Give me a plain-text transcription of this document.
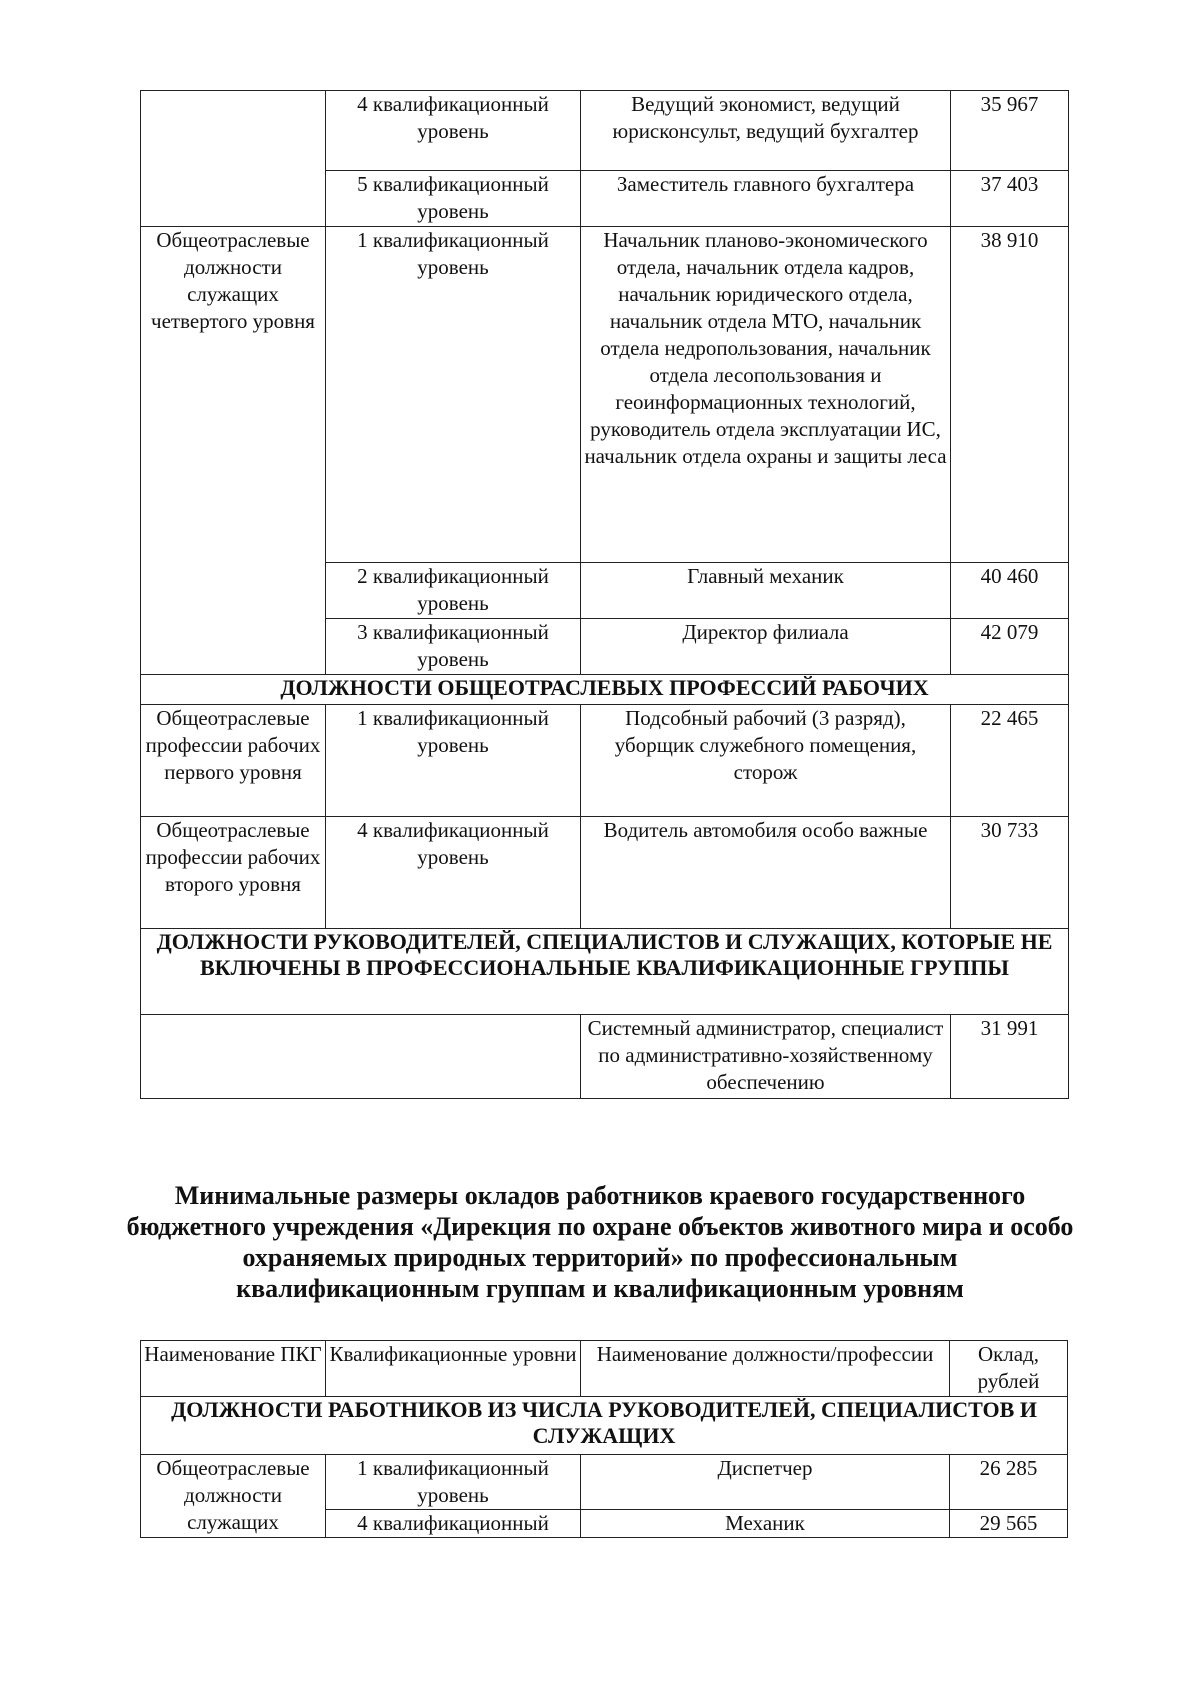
	4 квалификационный уровень	Ведущий экономист, ведущий юрисконсульт, ведущий бухгалтер	35 967
	5 квалификационный уровень	Заместитель главного бухгалтера	37 403
Общеотраслевые должности служащих четвертого уровня	1 квалификационный уровень	Начальник планово-экономического отдела, начальник отдела кадров, начальник юридического отдела, начальник отдела МТО, начальник отдела недропользования, начальник отдела лесопользования и геоинформационных технологий, руководитель отдела эксплуатации ИС, начальник отдела охраны и защиты леса	38 910
	2 квалификационный уровень	Главный механик	40 460
	3 квалификационный уровень	Директор филиала	42 079
ДОЛЖНОСТИ ОБЩЕОТРАСЛЕВЫХ ПРОФЕССИЙ РАБОЧИХ			
Общеотраслевые профессии рабочих первого уровня	1 квалификационный уровень	Подсобный рабочий (3 разряд), уборщик служебного помещения, сторож	22 465
Общеотраслевые профессии рабочих второго уровня	4 квалификационный уровень	Водитель автомобиля особо важные	30 733
ДОЛЖНОСТИ РУКОВОДИТЕЛЕЙ, СПЕЦИАЛИСТОВ И СЛУЖАЩИХ, КОТОРЫЕ НЕ ВКЛЮЧЕНЫ В ПРОФЕССИОНАЛЬНЫЕ КВАЛИФИКАЦИОННЫЕ ГРУППЫ			
		Системный администратор, специалист по административно-хозяйственному обеспечению	31 991
Минимальные размеры окладов работников краевого государственного бюджетного учреждения «Дирекция по охране объектов животного мира и особо охраняемых природных территорий» по профессиональным квалификационным группам и квалификационным уровням
Наименование ПКГ	Квалификационные уровни	Наименование должности/профессии	Оклад, рублей
ДОЛЖНОСТИ РАБОТНИКОВ ИЗ ЧИСЛА РУКОВОДИТЕЛЕЙ, СПЕЦИАЛИСТОВ И СЛУЖАЩИХ			
Общеотраслевые должности служащих	1 квалификационный уровень	Диспетчер	26 285
	4 квалификационный	Механик	29 565
